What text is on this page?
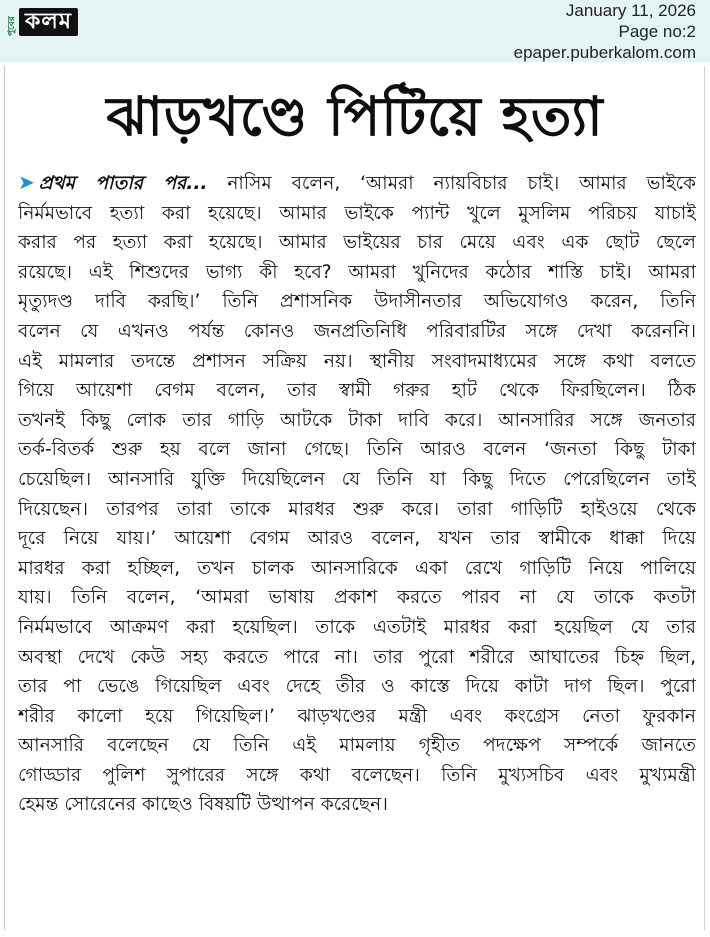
পুবের কলম	January 11, 2026
Page no:2
epaper.puberkalom.com
ঝাড়খণ্ডে পিটিয়ে হত্যা
➤ প্রথম পাতার পর... নাসিম বলেন, ‘আমরা ন্যায়বিচার চাই। আমার ভাইকে
নির্মমভাবে হত্যা করা হয়েছে। আমার ভাইকে প্যান্ট খুলে মুসলিম পরিচয় যাচাই
করার পর হত্যা করা হয়েছে। আমার ভাইয়ের চার মেয়ে এবং এক ছোট ছেলে
রয়েছে। এই শিশুদের ভাগ্য কী হবে? আমরা খুনিদের কঠোর শাস্তি চাই। আমরা
মৃত্যুদণ্ড দাবি করছি।’ তিনি প্রশাসনিক উদাসীনতার অভিযোগও করেন, তিনি
বলেন যে এখনও পর্যন্ত কোনও জনপ্রতিনিধি পরিবারটির সঙ্গে দেখা করেননি।
এই মামলার তদন্তে প্রশাসন সক্রিয় নয়। স্থানীয় সংবাদমাধ্যমের সঙ্গে কথা বলতে
গিয়ে আয়েশা বেগম বলেন, তার স্বামী গরুর হাট থেকে ফিরছিলেন। ঠিক
তখনই কিছু লোক তার গাড়ি আটকে টাকা দাবি করে। আনসারির সঙ্গে জনতার
তর্ক-বিতর্ক শুরু হয় বলে জানা গেছে। তিনি আরও বলেন ‘জনতা কিছু টাকা
চেয়েছিল। আনসারি যুক্তি দিয়েছিলেন যে তিনি যা কিছু দিতে পেরেছিলেন তাই
দিয়েছেন। তারপর তারা তাকে মারধর শুরু করে। তারা গাড়িটি হাইওয়ে থেকে
দূরে নিয়ে যায়।’ আয়েশা বেগম আরও বলেন, যখন তার স্বামীকে ধাক্কা দিয়ে
মারধর করা হচ্ছিল, তখন চালক আনসারিকে একা রেখে গাড়িটি নিয়ে পালিয়ে
যায়। তিনি বলেন, ‘আমরা ভাষায় প্রকাশ করতে পারব না যে তাকে কতটা
নির্মমভাবে আক্রমণ করা হয়েছিল। তাকে এতটাই মারধর করা হয়েছিল যে তার
অবস্থা দেখে কেউ সহ্য করতে পারে না। তার পুরো শরীরে আঘাতের চিহ্ন ছিল,
তার পা ভেঙে গিয়েছিল এবং দেহে তীর ও কাস্তে দিয়ে কাটা দাগ ছিল। পুরো
শরীর কালো হয়ে গিয়েছিল।’ ঝাড়খণ্ডের মন্ত্রী এবং কংগ্রেস নেতা ফুরকান
আনসারি বলেছেন যে তিনি এই মামলায় গৃহীত পদক্ষেপ সম্পর্কে জানতে
গোড্ডার পুলিশ সুপারের সঙ্গে কথা বলেছেন। তিনি মুখ্যসচিব এবং মুখ্যমন্ত্রী
হেমন্ত সোরেনের কাছেও বিষয়টি উত্থাপন করেছেন।
